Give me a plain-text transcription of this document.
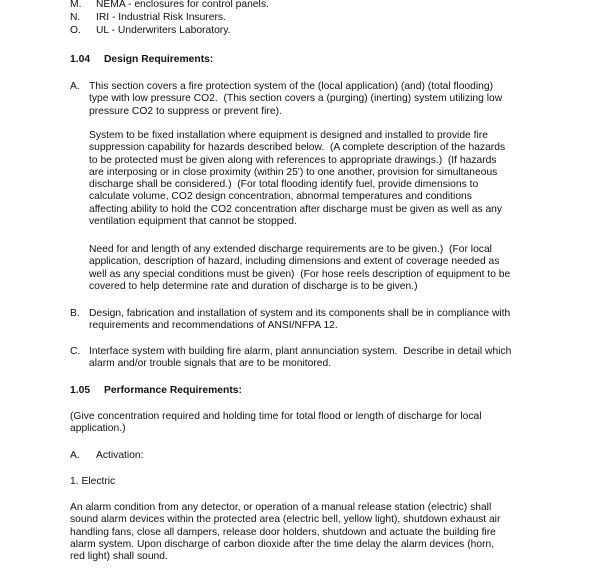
M. NEMA - enclosures for control panels.
N. IRI - Industrial Risk Insurers.
O. UL - Underwriters Laboratory.
1.04 Design Requirements:
A. This section covers a fire protection system of the (local application) (and) (total flooding)
type with low pressure CO2.  (This section covers a (purging) (inerting) system utilizing low
pressure CO2 to suppress or prevent fire).
System to be fixed installation where equipment is designed and installed to provide fire
suppression capability for hazards described below.  (A complete description of the hazards
to be protected must be given along with references to appropriate drawings.)  (If hazards
are interposing or in close proximity (within 25') to one another, provision for simultaneous
discharge shall be considered.)  (For total flooding identify fuel, provide dimensions to
calculate volume, CO2 design concentration, abnormal temperatures and conditions
affecting ability to hold the CO2 concentration after discharge must be given as well as any
ventilation equipment that cannot be stopped.
Need for and length of any extended discharge requirements are to be given.)  (For local
application, description of hazard, including dimensions and extent of coverage needed as
well as any special conditions must be given)  (For hose reels description of equipment to be
covered to help determine rate and duration of discharge is to be given.)
B. Design, fabrication and installation of system and its components shall be in compliance with
requirements and recommendations of ANSI/NFPA 12.
C. Interface system with building fire alarm, plant annunciation system.  Describe in detail which
alarm and/or trouble signals that are to be monitored.
1.05 Performance Requirements:
(Give concentration required and holding time for total flood or length of discharge for local
application.)
A. Activation:
1. Electric
An alarm condition from any detector, or operation of a manual release station (electric) shall
sound alarm devices within the protected area (electric bell, yellow light), shutdown exhaust air
handling fans, close all dampers, release door holders, shutdown and actuate the building fire
alarm system. Upon discharge of carbon dioxide after the time delay the alarm devices (horn,
red light) shall sound.
